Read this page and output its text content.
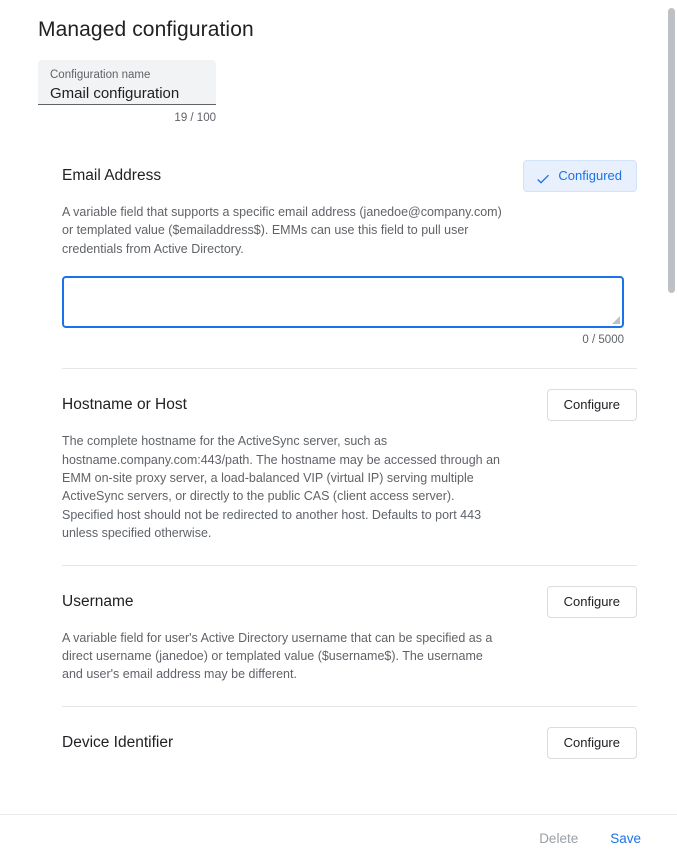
Managed configuration
Configuration name
Gmail configuration
19 / 100
Email Address	Configured
A variable field that supports a specific email address (janedoe@company.com) or templated value ($emailaddress$). EMMs can use this field to pull user credentials from Active Directory.
0 / 5000
Hostname or Host	Configure
The complete hostname for the ActiveSync server, such as hostname.company.com:443/path. The hostname may be accessed through an EMM on-site proxy server, a load-balanced VIP (virtual IP) serving multiple ActiveSync servers, or directly to the public CAS (client access server). Specified host should not be redirected to another host. Defaults to port 443 unless specified otherwise.
Username	Configure
A variable field for user's Active Directory username that can be specified as a direct username (janedoe) or templated value ($username$). The username and user's email address may be different.
Device Identifier	Configure
Delete	Save
